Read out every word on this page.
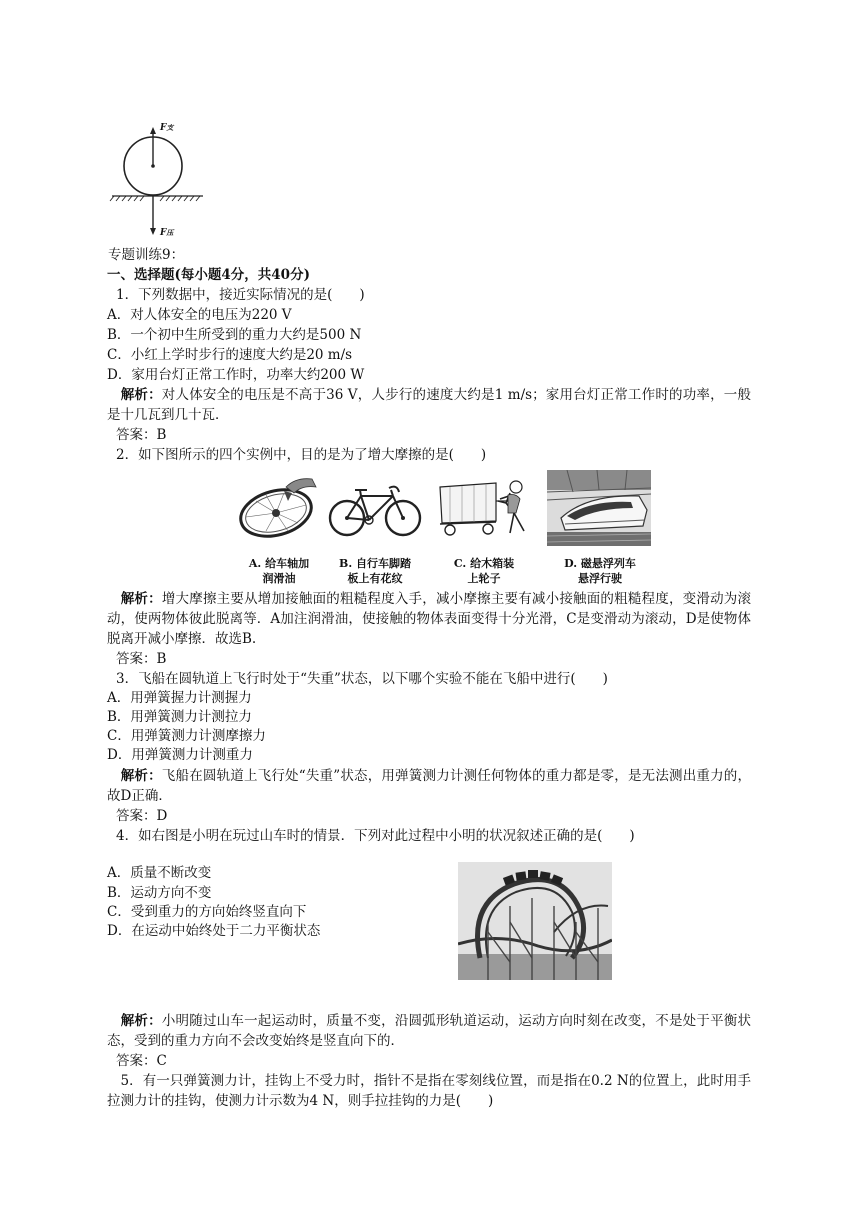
F支
F压
专题训练9：
一、选择题(每小题4分，共40分)
1．下列数据中，接近实际情况的是(　　)
A．对人体安全的电压为220 V
B．一个初中生所受到的重力大约是500 N
C．小红上学时步行的速度大约是20 m/s
D．家用台灯正常工作时，功率大约200 W
 解析：对人体安全的电压是不高于36 V，人步行的速度大约是1 m/s；家用台灯正常工作时的功率，一般是十几瓦到几十瓦．
答案：B
2．如下图所示的四个实例中，目的是为了增大摩擦的是(　　)
A. 给车轴加
润滑油
B. 自行车脚踏
板上有花纹
C. 给木箱装
上轮子
D. 磁悬浮列车
悬浮行驶
 解析：增大摩擦主要从增加接触面的粗糙程度入手，减小摩擦主要有减小接触面的粗糙程度，变滑动为滚动，使两物体彼此脱离等．A加注润滑油，使接触的物体表面变得十分光滑，C是变滑动为滚动，D是使物体脱离开减小摩擦．故选B.
答案：B
3．飞船在圆轨道上飞行时处于“失重”状态，以下哪个实验不能在飞船中进行(　　)
A．用弹簧握力计测握力
B．用弹簧测力计测拉力
C．用弹簧测力计测摩擦力
D．用弹簧测力计测重力
 解析：飞船在圆轨道上飞行处“失重”状态，用弹簧测力计测任何物体的重力都是零，是无法测出重力的，故D正确．
答案：D
4．如右图是小明在玩过山车时的情景．下列对此过程中小明的状况叙述正确的是(　　)
A．质量不断改变
B．运动方向不变
C．受到重力的方向始终竖直向下
D．在运动中始终处于二力平衡状态
 解析：小明随过山车一起运动时，质量不变，沿圆弧形轨道运动，运动方向时刻在改变，不是处于平衡状态，受到的重力方向不会改变始终是竖直向下的．
答案：C
 5．有一只弹簧测力计，挂钩上不受力时，指针不是指在零刻线位置，而是指在0.2 N的位置上，此时用手拉测力计的挂钩，使测力计示数为4 N，则手拉挂钩的力是(　　)
